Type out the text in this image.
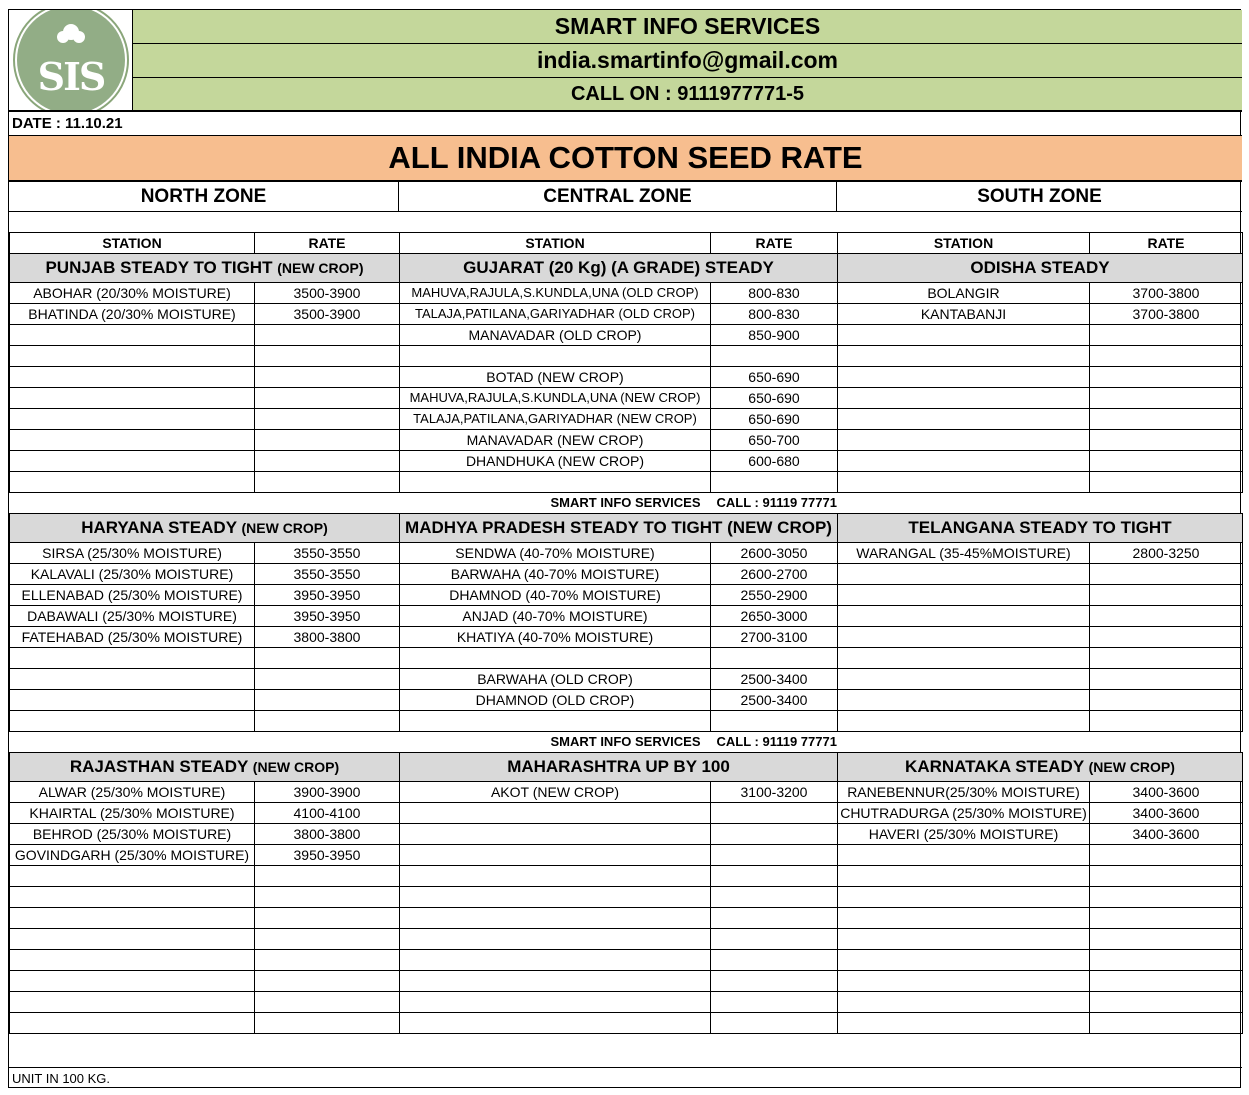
SIS
SMART INFO SERVICES
india.smartinfo@gmail.com
CALL ON : 9111977771-5
DATE : 11.10.21
ALL INDIA COTTON SEED RATE
NORTH ZONE	CENTRAL ZONE	SOUTH ZONE
STATION	RATE	STATION	RATE	STATION	RATE
PUNJAB STEADY TO TIGHT (NEW CROP)		GUJARAT (20 Kg) (A GRADE) STEADY		ODISHA STEADY	
ABOHAR (20/30% MOISTURE)	3500-3900	MAHUVA,RAJULA,S.KUNDLA,UNA (OLD CROP)	800-830	BOLANGIR	3700-3800
BHATINDA (20/30% MOISTURE)	3500-3900	TALAJA,PATILANA,GARIYADHAR (OLD CROP)	800-830	KANTABANJI	3700-3800
		MANAVADAR (OLD CROP)	850-900		

		BOTAD (NEW CROP)	650-690		
		MAHUVA,RAJULA,S.KUNDLA,UNA (NEW CROP)	650-690		
		TALAJA,PATILANA,GARIYADHAR (NEW CROP)	650-690		
		MANAVADAR (NEW CROP)	650-700		
		DHANDHUKA (NEW CROP)	600-680		

SMART INFO SERVICES			CALL : 91119 77771		
HARYANA STEADY (NEW CROP)		MADHYA PRADESH STEADY TO TIGHT (NEW CROP)		TELANGANA STEADY TO TIGHT	
SIRSA (25/30% MOISTURE)	3550-3550	SENDWA (40-70% MOISTURE)	2600-3050	WARANGAL (35-45%MOISTURE)	2800-3250
KALAVALI (25/30% MOISTURE)	3550-3550	BARWAHA (40-70% MOISTURE)	2600-2700		
ELLENABAD (25/30% MOISTURE)	3950-3950	DHAMNOD (40-70% MOISTURE)	2550-2900		
DABAWALI (25/30% MOISTURE)	3950-3950	ANJAD (40-70% MOISTURE)	2650-3000		
FATEHABAD (25/30% MOISTURE)	3800-3800	KHATIYA (40-70% MOISTURE)	2700-3100		

		BARWAHA (OLD CROP)	2500-3400		
		DHAMNOD (OLD CROP)	2500-3400		

SMART INFO SERVICES			CALL : 91119 77771		
RAJASTHAN STEADY (NEW CROP)		MAHARASHTRA UP BY 100		KARNATAKA STEADY (NEW CROP)	
ALWAR (25/30% MOISTURE)	3900-3900	AKOT (NEW CROP)	3100-3200	RANEBENNUR(25/30% MOISTURE)	3400-3600
KHAIRTAL (25/30% MOISTURE)	4100-4100			CHUTRADURGA (25/30% MOISTURE)	3400-3600
BEHROD (25/30% MOISTURE)	3800-3800			HAVERI (25/30% MOISTURE)	3400-3600
GOVINDGARH (25/30% MOISTURE)	3950-3950				

UNIT IN 100 KG.
